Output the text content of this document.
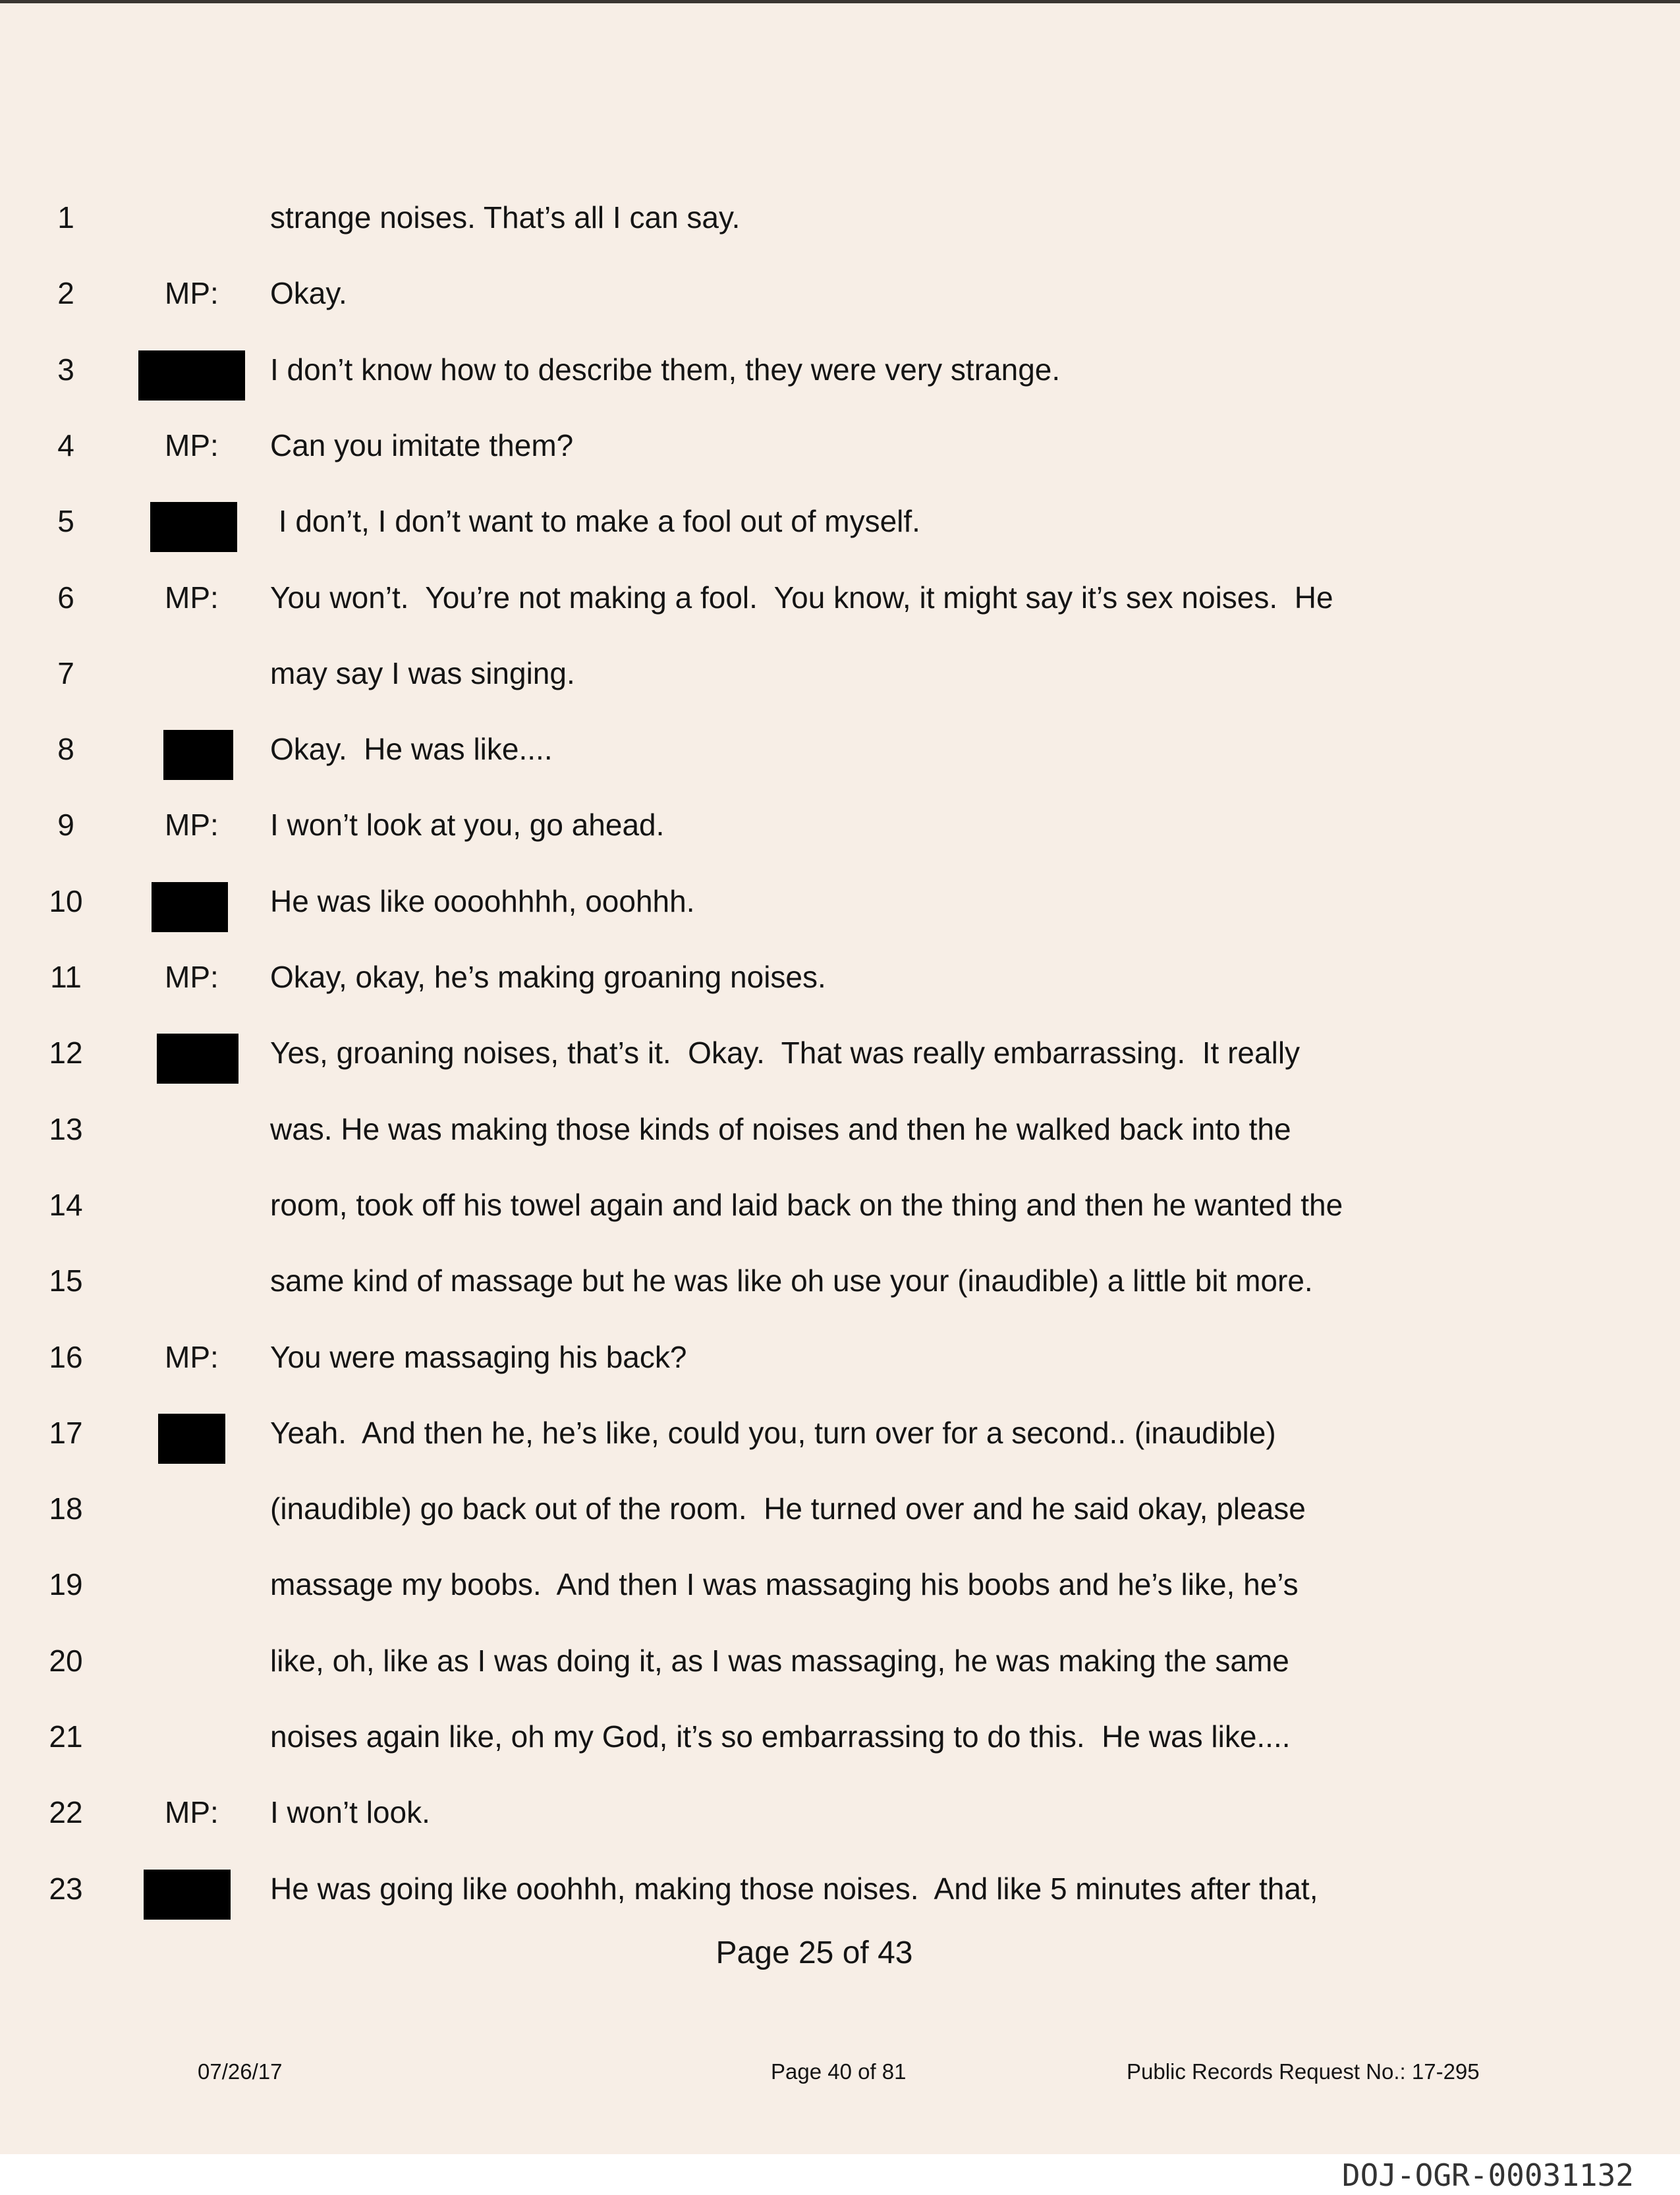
1	strange noises. That’s all I can say.
2	MP:	Okay.
3	I don’t know how to describe them, they were very strange.
4	MP:	Can you imitate them?
5	I don’t, I don’t want to make a fool out of myself.
6	MP:	You won’t.  You’re not making a fool.  You know, it might say it’s sex noises.  He
7	may say I was singing.
8	Okay.  He was like....
9	MP:	I won’t look at you, go ahead.
10	He was like oooohhhh, ooohhh.
11	MP:	Okay, okay, he’s making groaning noises.
12	Yes, groaning noises, that’s it.  Okay.  That was really embarrassing.  It really
13	was. He was making those kinds of noises and then he walked back into the
14	room, took off his towel again and laid back on the thing and then he wanted the
15	same kind of massage but he was like oh use your (inaudible) a little bit more.
16	MP:	You were massaging his back?
17	Yeah.  And then he, he’s like, could you, turn over for a second.. (inaudible)
18	(inaudible) go back out of the room.  He turned over and he said okay, please
19	massage my boobs.  And then I was massaging his boobs and he’s like, he’s
20	like, oh, like as I was doing it, as I was massaging, he was making the same
21	noises again like, oh my God, it’s so embarrassing to do this.  He was like....
22	MP:	I won’t look.
23	He was going like ooohhh, making those noises.  And like 5 minutes after that,
Page 25 of 43
07/26/17	Page 40 of 81	Public Records Request No.: 17-295
DOJ-OGR-00031132
